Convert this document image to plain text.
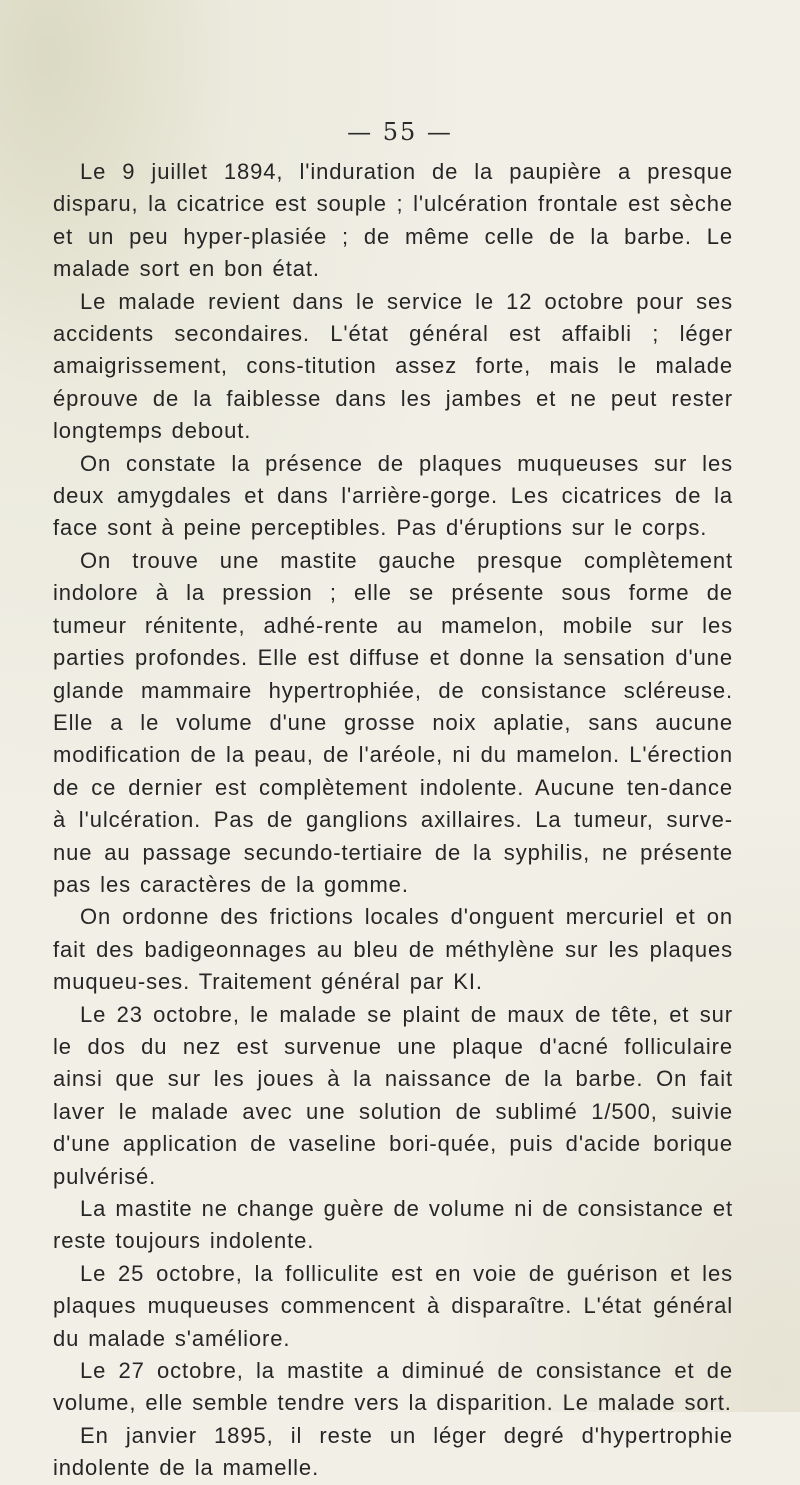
— 55 —

Le 9 juillet 1894, l'induration de la paupière a presque disparu, la cicatrice est souple ; l'ulcération frontale est sèche et un peu hyper-plasiée ; de même celle de la barbe. Le malade sort en bon état.

Le malade revient dans le service le 12 octobre pour ses accidents secondaires. L'état général est affaibli ; léger amaigrissement, cons-titution assez forte, mais le malade éprouve de la faiblesse dans les jambes et ne peut rester longtemps debout.

On constate la présence de plaques muqueuses sur les deux amygdales et dans l'arrière-gorge. Les cicatrices de la face sont à peine perceptibles. Pas d'éruptions sur le corps.

On trouve une mastite gauche presque complètement indolore à la pression ; elle se présente sous forme de tumeur rénitente, adhé-rente au mamelon, mobile sur les parties profondes. Elle est diffuse et donne la sensation d'une glande mammaire hypertrophiée, de consistance scléreuse. Elle a le volume d'une grosse noix aplatie, sans aucune modification de la peau, de l'aréole, ni du mamelon. L'érection de ce dernier est complètement indolente. Aucune ten-dance à l'ulcération. Pas de ganglions axillaires. La tumeur, surve-nue au passage secundo-tertiaire de la syphilis, ne présente pas les caractères de la gomme.

On ordonne des frictions locales d'onguent mercuriel et on fait des badigeonnages au bleu de méthylène sur les plaques muqueu-ses. Traitement général par KI.

Le 23 octobre, le malade se plaint de maux de tête, et sur le dos du nez est survenue une plaque d'acné folliculaire ainsi que sur les joues à la naissance de la barbe. On fait laver le malade avec une solution de sublimé 1/500, suivie d'une application de vaseline bori-quée, puis d'acide borique pulvérisé.

La mastite ne change guère de volume ni de consistance et reste toujours indolente.

Le 25 octobre, la folliculite est en voie de guérison et les plaques muqueuses commencent à disparaître. L'état général du malade s'améliore.

Le 27 octobre, la mastite a diminué de consistance et de volume, elle semble tendre vers la disparition. Le malade sort.

En janvier 1895, il reste un léger degré d'hypertrophie indolente de la mamelle.
